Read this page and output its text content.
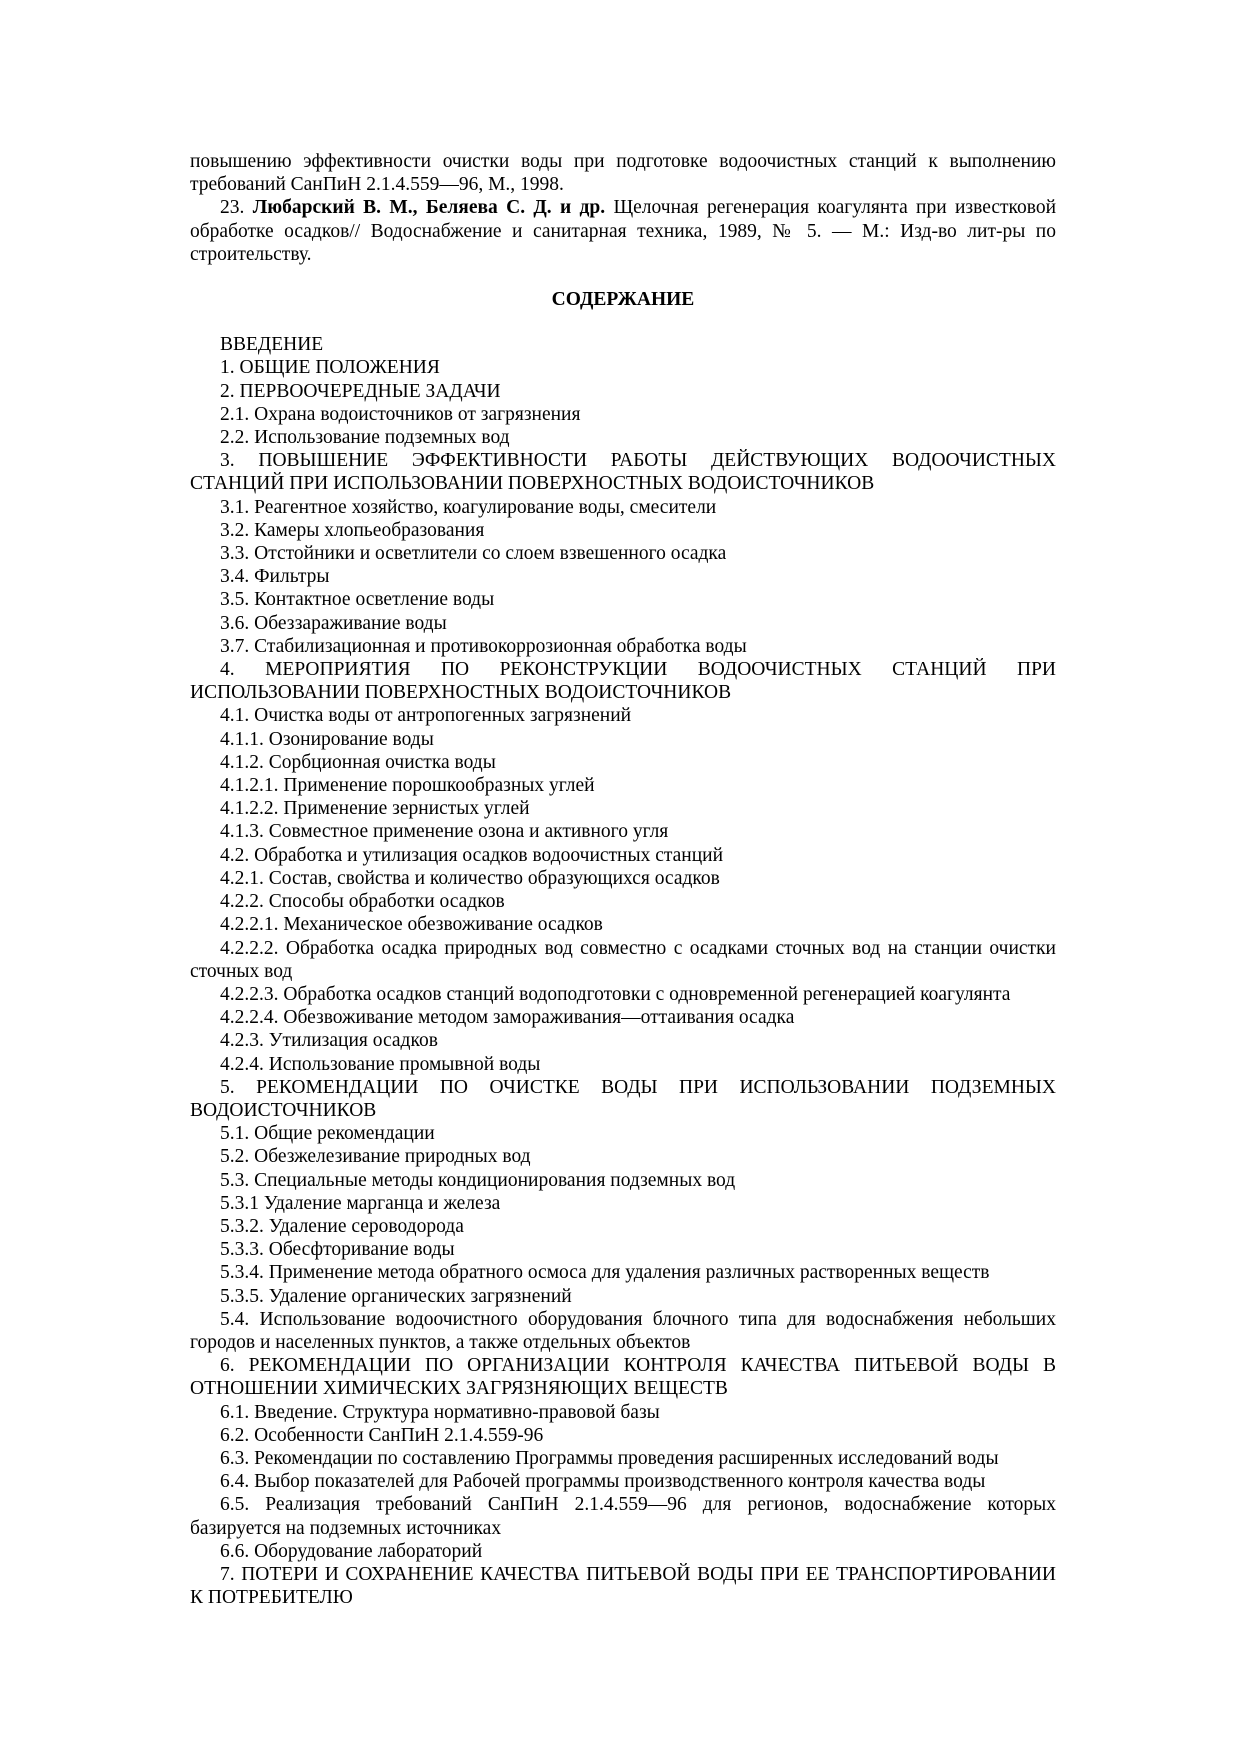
повышению эффективности очистки воды при подготовке водоочистных станций к выполнению требований СанПиН 2.1.4.559—96, М., 1998.

23. Любарский В. М., Беляева С. Д. и др. Щелочная регенерация коагулянта при известковой обработке осадков// Водоснабжение и санитарная техника, 1989, № 5. — М.: Изд-во лит-ры по строительству.

СОДЕРЖАНИЕ
ВВЕДЕНИЕ
1. ОБЩИЕ ПОЛОЖЕНИЯ
2. ПЕРВООЧЕРЕДНЫЕ ЗАДАЧИ
2.1. Охрана водоисточников от загрязнения
2.2. Использование подземных вод
3. ПОВЫШЕНИЕ ЭФФЕКТИВНОСТИ РАБОТЫ ДЕЙСТВУЮЩИХ ВОДООЧИСТНЫХ СТАНЦИЙ ПРИ ИСПОЛЬЗОВАНИИ ПОВЕРХНОСТНЫХ ВОДОИСТОЧНИКОВ
3.1. Реагентное хозяйство, коагулирование воды, смесители
3.2. Камеры хлопьеобразования
3.3. Отстойники и осветлители со слоем взвешенного осадка
3.4. Фильтры
3.5. Контактное осветление воды
3.6. Обеззараживание воды
3.7. Стабилизационная и противокоррозионная обработка воды
4. МЕРОПРИЯТИЯ ПО РЕКОНСТРУКЦИИ ВОДООЧИСТНЫХ СТАНЦИЙ ПРИ ИСПОЛЬЗОВАНИИ ПОВЕРХНОСТНЫХ ВОДОИСТОЧНИКОВ
4.1. Очистка воды от антропогенных загрязнений
4.1.1. Озонирование воды
4.1.2. Сорбционная очистка воды
4.1.2.1. Применение порошкообразных углей
4.1.2.2. Применение зернистых углей
4.1.3. Совместное применение озона и активного угля
4.2. Обработка и утилизация осадков водоочистных станций
4.2.1. Состав, свойства и количество образующихся осадков
4.2.2. Способы обработки осадков
4.2.2.1. Механическое обезвоживание осадков
4.2.2.2. Обработка осадка природных вод совместно с осадками сточных вод на станции очистки сточных вод
4.2.2.3. Обработка осадков станций водоподготовки с одновременной регенерацией коагулянта
4.2.2.4. Обезвоживание методом замораживания—оттаивания осадка
4.2.3. Утилизация осадков
4.2.4. Использование промывной воды
5. РЕКОМЕНДАЦИИ ПО ОЧИСТКЕ ВОДЫ ПРИ ИСПОЛЬЗОВАНИИ ПОДЗЕМНЫХ ВОДОИСТОЧНИКОВ
5.1. Общие рекомендации
5.2. Обезжелезивание природных вод
5.3. Специальные методы кондиционирования подземных вод
5.3.1 Удаление марганца и железа
5.3.2. Удаление сероводорода
5.3.3. Обесфторивание воды
5.3.4. Применение метода обратного осмоса для удаления различных растворенных веществ
5.3.5. Удаление органических загрязнений
5.4. Использование водоочистного оборудования блочного типа для водоснабжения небольших городов и населенных пунктов, а также отдельных объектов
6. РЕКОМЕНДАЦИИ ПО ОРГАНИЗАЦИИ КОНТРОЛЯ КАЧЕСТВА ПИТЬЕВОЙ ВОДЫ В ОТНОШЕНИИ ХИМИЧЕСКИХ ЗАГРЯЗНЯЮЩИХ ВЕЩЕСТВ
6.1. Введение. Структура нормативно-правовой базы
6.2. Особенности СанПиН 2.1.4.559-96
6.3. Рекомендации по составлению Программы проведения расширенных исследований воды
6.4. Выбор показателей для Рабочей программы производственного контроля качества воды
6.5. Реализация требований СанПиН 2.1.4.559—96 для регионов, водоснабжение которых базируется на подземных источниках
6.6. Оборудование лабораторий
7. ПОТЕРИ И СОХРАНЕНИЕ КАЧЕСТВА ПИТЬЕВОЙ ВОДЫ ПРИ ЕЕ ТРАНСПОРТИРОВАНИИ К ПОТРЕБИТЕЛЮ
